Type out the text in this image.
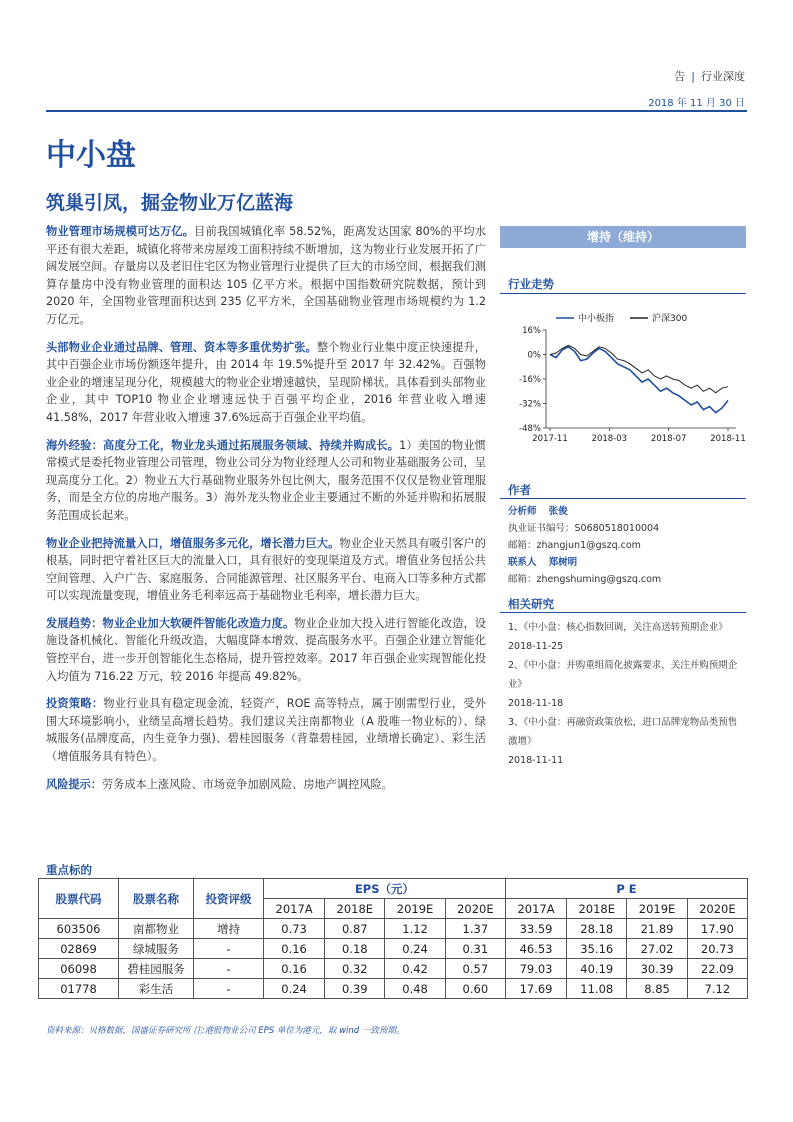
告 | 行业深度
2018 年 11 月 30 日
中小盘
筑巢引凤，掘金物业万亿蓝海

物业管理市场规模可达万亿。目前我国城镇化率 58.52%，距离发达国家 80%的平均水平还有很大差距，城镇化将带来房屋竣工面积持续不断增加，这为物业行业发展开拓了广阔发展空间。存量房以及老旧住宅区为物业管理行业提供了巨大的市场空间，根据我们测算存量房中没有物业管理的面积达 105 亿平方米。根据中国指数研究院数据，预计到 2020 年，全国物业管理面积达到 235 亿平方米，全国基础物业管理市场规模约为 1.2 万亿元。

头部物业企业通过品牌、管理、资本等多重优势扩张。整个物业行业集中度正快速提升，其中百强企业市场份额逐年提升，由 2014 年 19.5%提升至 2017 年 32.42%。百强物业企业的增速呈现分化，规模越大的物业企业增速越快，呈现阶梯状。具体看到头部物业企业，其中 TOP10 物业企业增速远快于百强平均企业，2016 年营业收入增速 41.58%，2017 年营业收入增速 37.6%远高于百强企业平均值。

海外经验：高度分工化，物业龙头通过拓展服务领域、持续并购成长。1）美国的物业惯常模式是委托物业管理公司管理，物业公司分为物业经理人公司和物业基础服务公司，呈现高度分工化。2）物业五大行基础物业服务外包比例大，服务范围不仅仅是物业管理服务，而是全方位的房地产服务。3）海外龙头物业企业主要通过不断的外延并购和拓展服务范围成长起来。

物业企业把持流量入口，增值服务多元化，增长潜力巨大。物业企业天然具有吸引客户的根基，同时把守着社区巨大的流量入口，具有很好的变现渠道及方式。增值业务包括公共空间管理、入户广告、家庭服务、合同能源管理、社区服务平台、电商入口等多种方式都可以实现流量变现，增值业务毛利率远高于基础物业毛利率，增长潜力巨大。

发展趋势：物业企业加大软硬件智能化改造力度。物业企业加大投入进行智能化改造，设施设备机械化、智能化升级改造，大幅度降本增效、提高服务水平。百强企业建立智能化管控平台，进一步开创智能化生态格局，提升管控效率。2017 年百强企业实现智能化投入均值为 716.22 万元，较 2016 年提高 49.82%。

投资策略：物业行业具有稳定现金流，轻资产，ROE 高等特点，属于刚需型行业，受外围大环境影响小，业绩呈高增长趋势。我们建议关注南都物业（A 股唯一物业标的）、绿城服务(品牌度高，内生竞争力强)、碧桂园服务（背靠碧桂园，业绩增长确定）、彩生活（增值服务具有特色）。

风险提示：劳务成本上涨风险、市场竞争加剧风险、房地产调控风险。

增持（维持）
行业走势
中小板指	沪深300
16%
0%
-16%
-32%
-48%
2017-11	2018-03	2018-07	2018-11
作者
分析师 张俊
执业证书编号：S0680518010004
邮箱：zhangjun1@gszq.com
联系人 郑树明
邮箱：zhengshuming@gszq.com
相关研究
1、《中小盘：核心指数回调，关注高送转预期企业》
2018-11-25
2、《中小盘：并购重组简化披露要求，关注并购预期企业》
2018-11-18
3、《中小盘：再融资政策放松，进口品牌宠物品类预售激增》
2018-11-11
重点标的
股票代码	股票名称	投资评级	EPS（元）				P E			
			2017A	2018E	2019E	2020E	2017A	2018E	2019E	2020E
603506	南都物业	增持	0.73	0.87	1.12	1.37	33.59	28.18	21.89	17.90
02869	绿城服务	-	0.16	0.18	0.24	0.31	46.53	35.16	27.02	20.73
06098	碧桂园服务	-	0.16	0.32	0.42	0.57	79.03	40.19	30.39	22.09
01778	彩生活	-	0.24	0.39	0.48	0.60	17.69	11.08	8.85	7.12
资料来源：贝格数据，国盛证券研究所 注:港股物业公司 EPS 单位为港元，取 wind 一致预期。
